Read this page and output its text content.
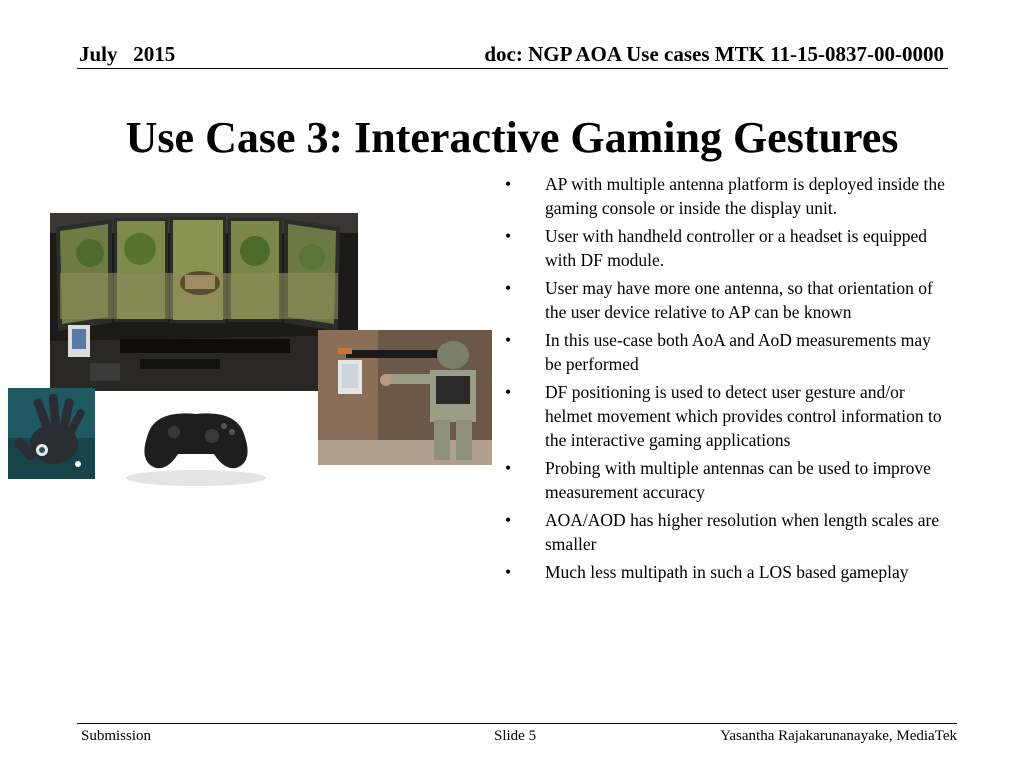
July   2015	doc: NGP AOA Use cases MTK 11-15-0837-00-0000
Use Case 3: Interactive Gaming Gestures
• AP with multiple antenna platform is deployed inside the gaming console or inside the display unit.
• User with handheld controller or a headset is equipped with DF module.
• User may have more one antenna, so that orientation of the user device relative to AP can be known
• In this use-case both AoA and AoD measurements may be performed
• DF positioning is used to detect user gesture and/or helmet movement which provides control information to the interactive gaming applications
• Probing with multiple antennas can be used to improve measurement accuracy
• AOA/AOD has higher resolution when length scales are smaller
• Much less multipath in such a LOS based gameplay
Submission	Slide 5	Yasantha Rajakarunanayake, MediaTek
